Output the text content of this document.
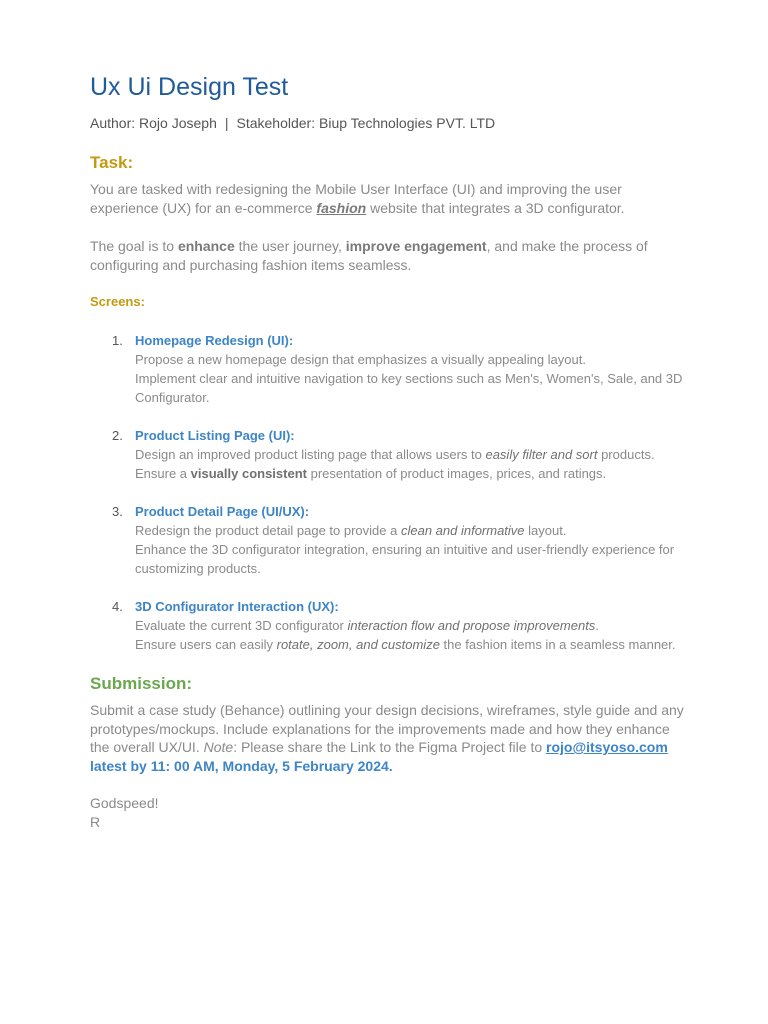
Ux Ui Design Test
Author: Rojo Joseph | Stakeholder: Biup Technologies PVT. LTD
Task:

You are tasked with redesigning the Mobile User Interface (UI) and improving the user experience (UX) for an e-commerce fashion website that integrates a 3D configurator.

The goal is to enhance the user journey, improve engagement, and make the process of configuring and purchasing fashion items seamless.

Screens:
1. Homepage Redesign (UI):
Propose a new homepage design that emphasizes a visually appealing layout.
Implement clear and intuitive navigation to key sections such as Men's, Women's, Sale, and 3D Configurator.
2. Product Listing Page (UI):
Design an improved product listing page that allows users to easily filter and sort products.
Ensure a visually consistent presentation of product images, prices, and ratings.
3. Product Detail Page (UI/UX):
Redesign the product detail page to provide a clean and informative layout.
Enhance the 3D configurator integration, ensuring an intuitive and user-friendly experience for customizing products.
4. 3D Configurator Interaction (UX):
Evaluate the current 3D configurator interaction flow and propose improvements.
Ensure users can easily rotate, zoom, and customize the fashion items in a seamless manner.
Submission:

Submit a case study (Behance) outlining your design decisions, wireframes, style guide and any prototypes/mockups. Include explanations for the improvements made and how they enhance the overall UX/UI. Note: Please share the Link to the Figma Project file to rojo@itsyoso.com
latest by 11: 00 AM, Monday, 5 February 2024.

Godspeed!
R
